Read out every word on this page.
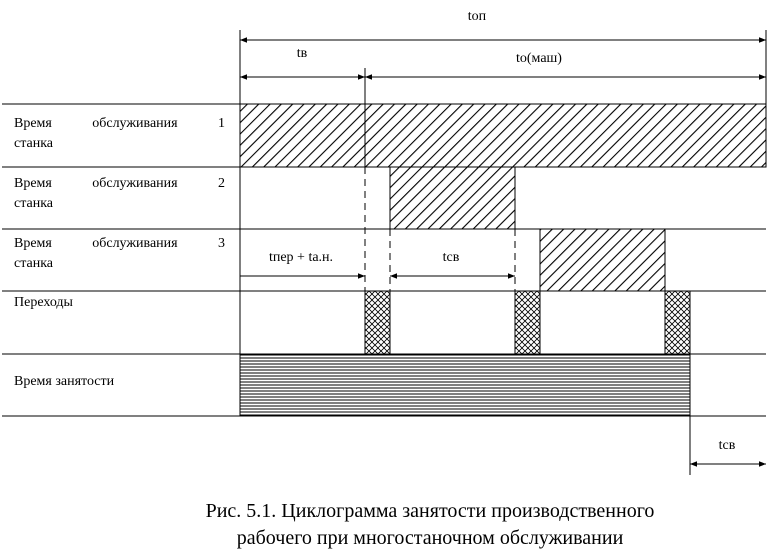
tоп
tв	tо(маш)
tпер + tа.н.	tсв
tсв
Время	обслуживания	1
станка
Время	обслуживания	2
станка
Время	обслуживания	3
станка
Переходы
Время занятости
Рис. 5.1. Циклограмма занятости производственного
рабочего при многостаночном обслуживании
